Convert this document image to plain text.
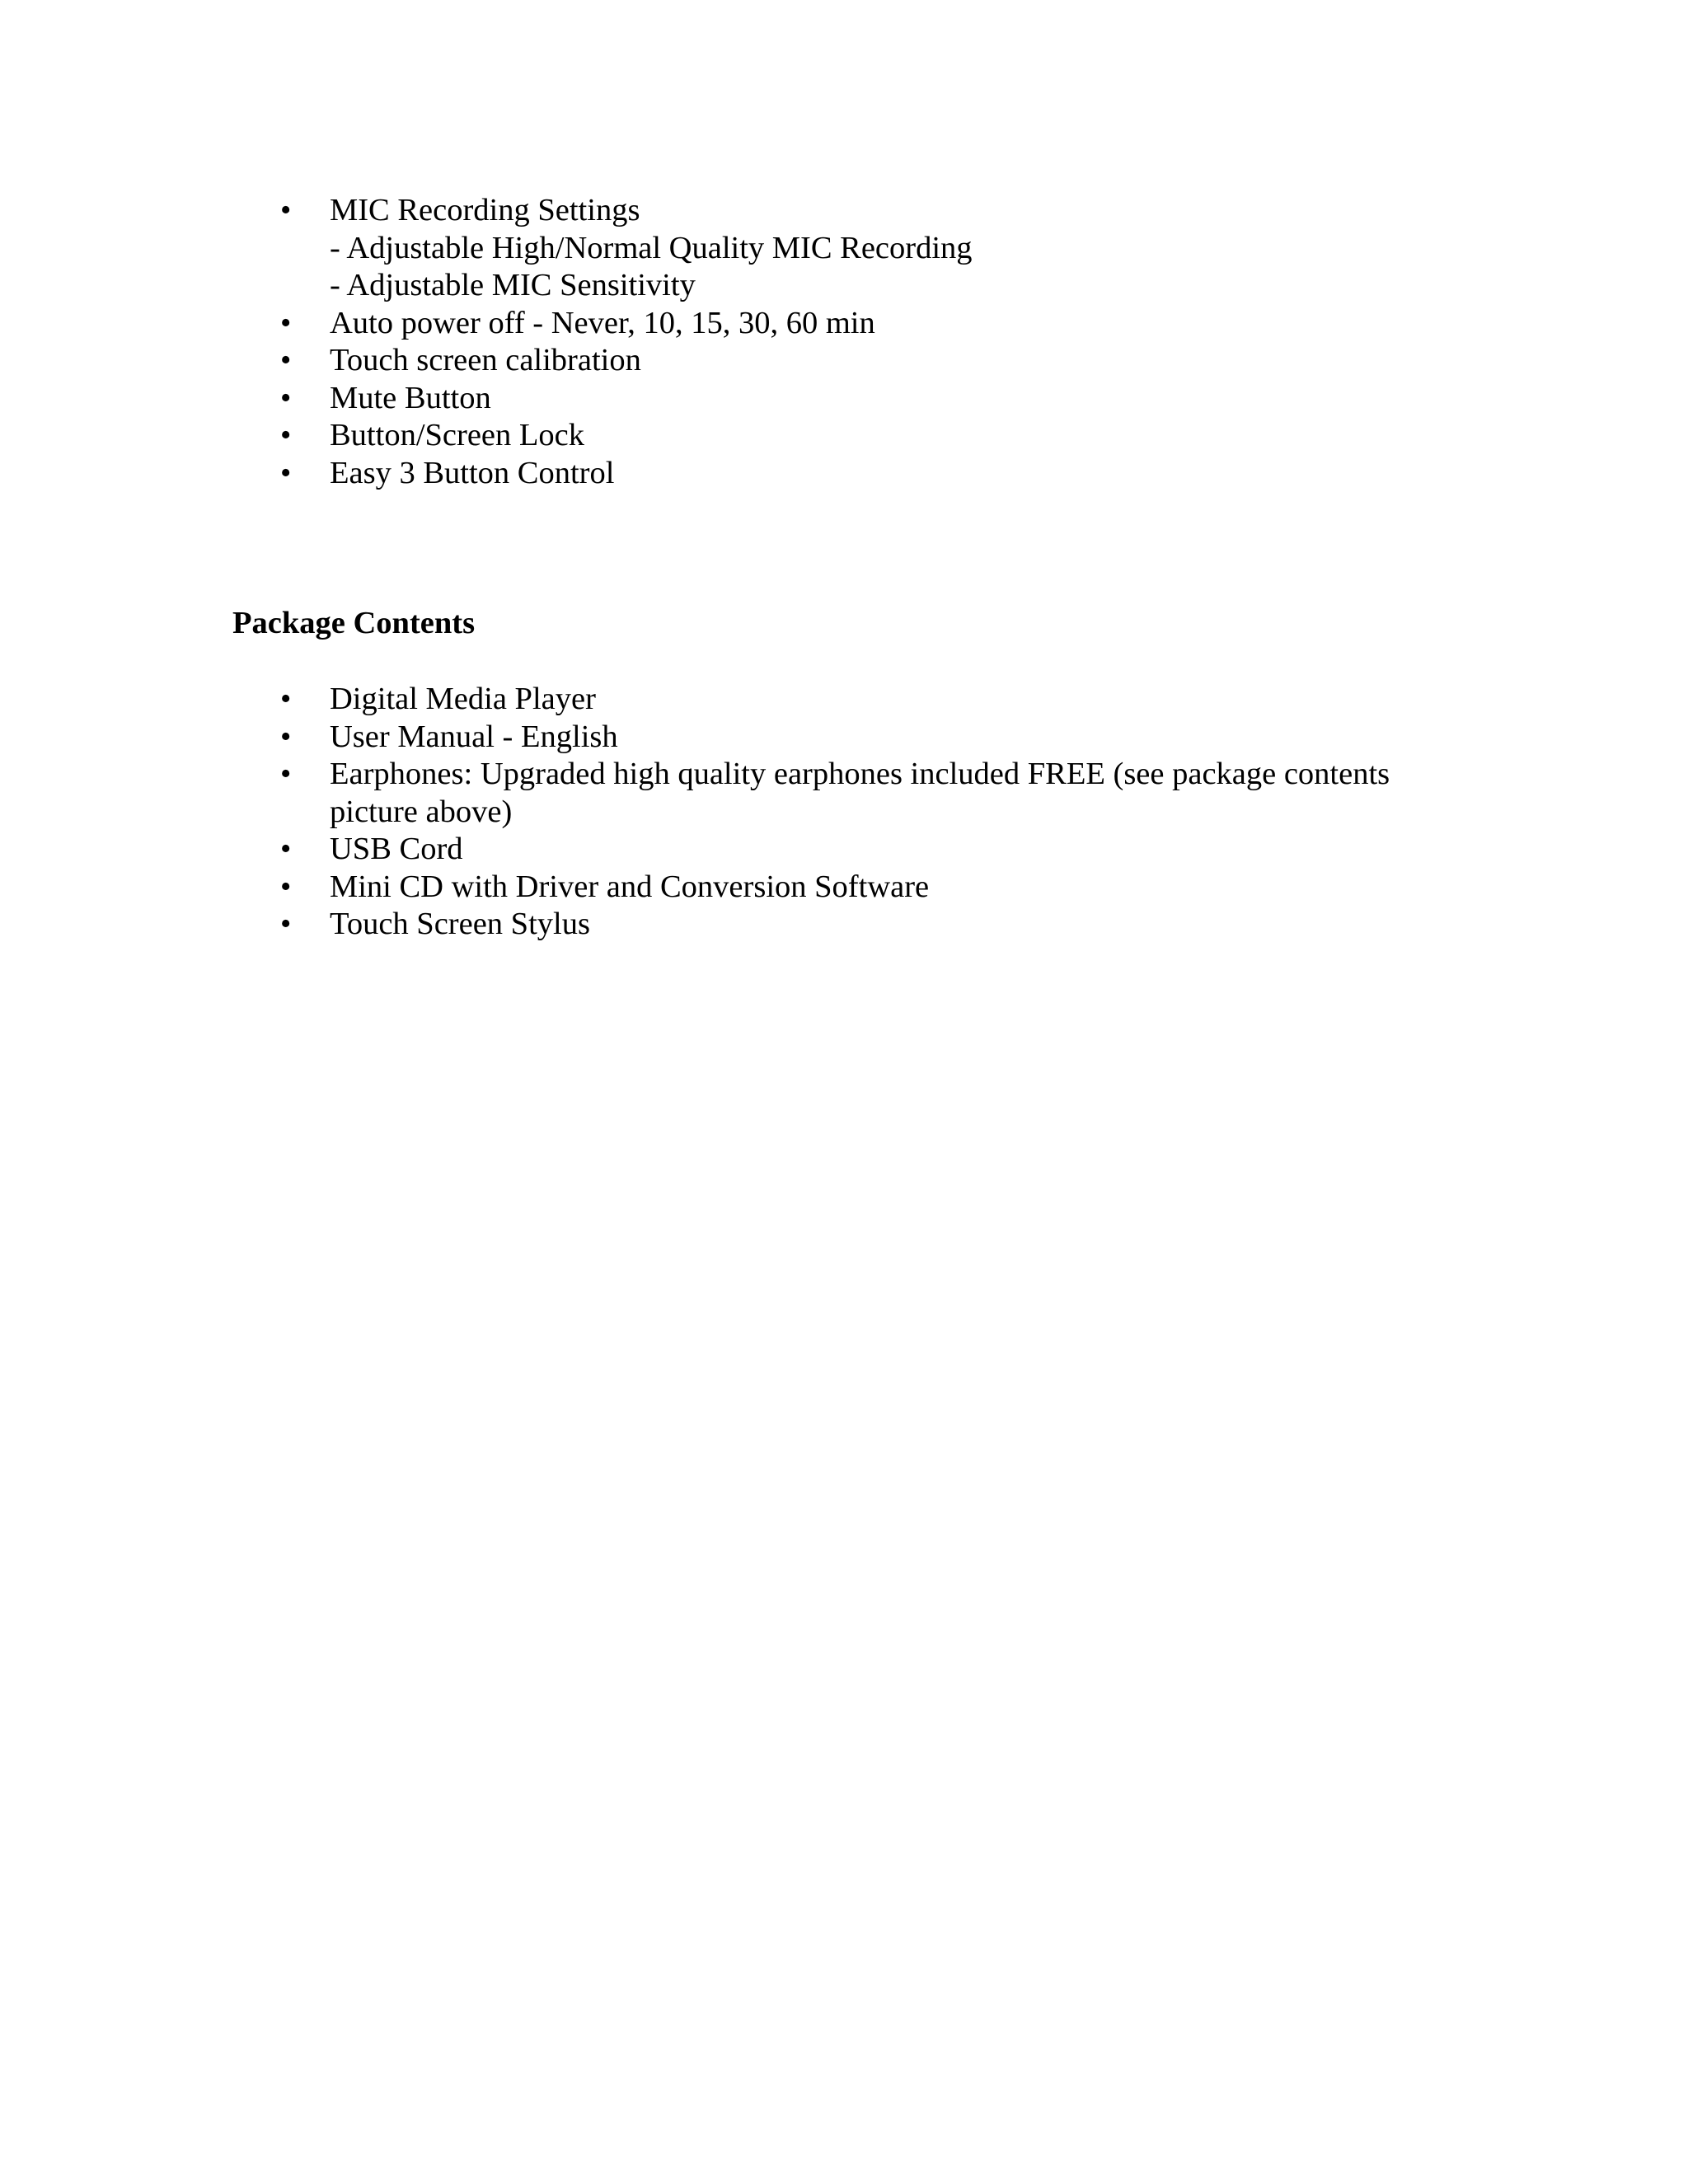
• MIC Recording Settings
- Adjustable High/Normal Quality MIC Recording
- Adjustable MIC Sensitivity
• Auto power off - Never, 10, 15, 30, 60 min
• Touch screen calibration
• Mute Button
• Button/Screen Lock
• Easy 3 Button Control
Package Contents
• Digital Media Player
• User Manual - English
• Earphones: Upgraded high quality earphones included FREE (see package contents picture above)
• USB Cord
• Mini CD with Driver and Conversion Software
• Touch Screen Stylus
